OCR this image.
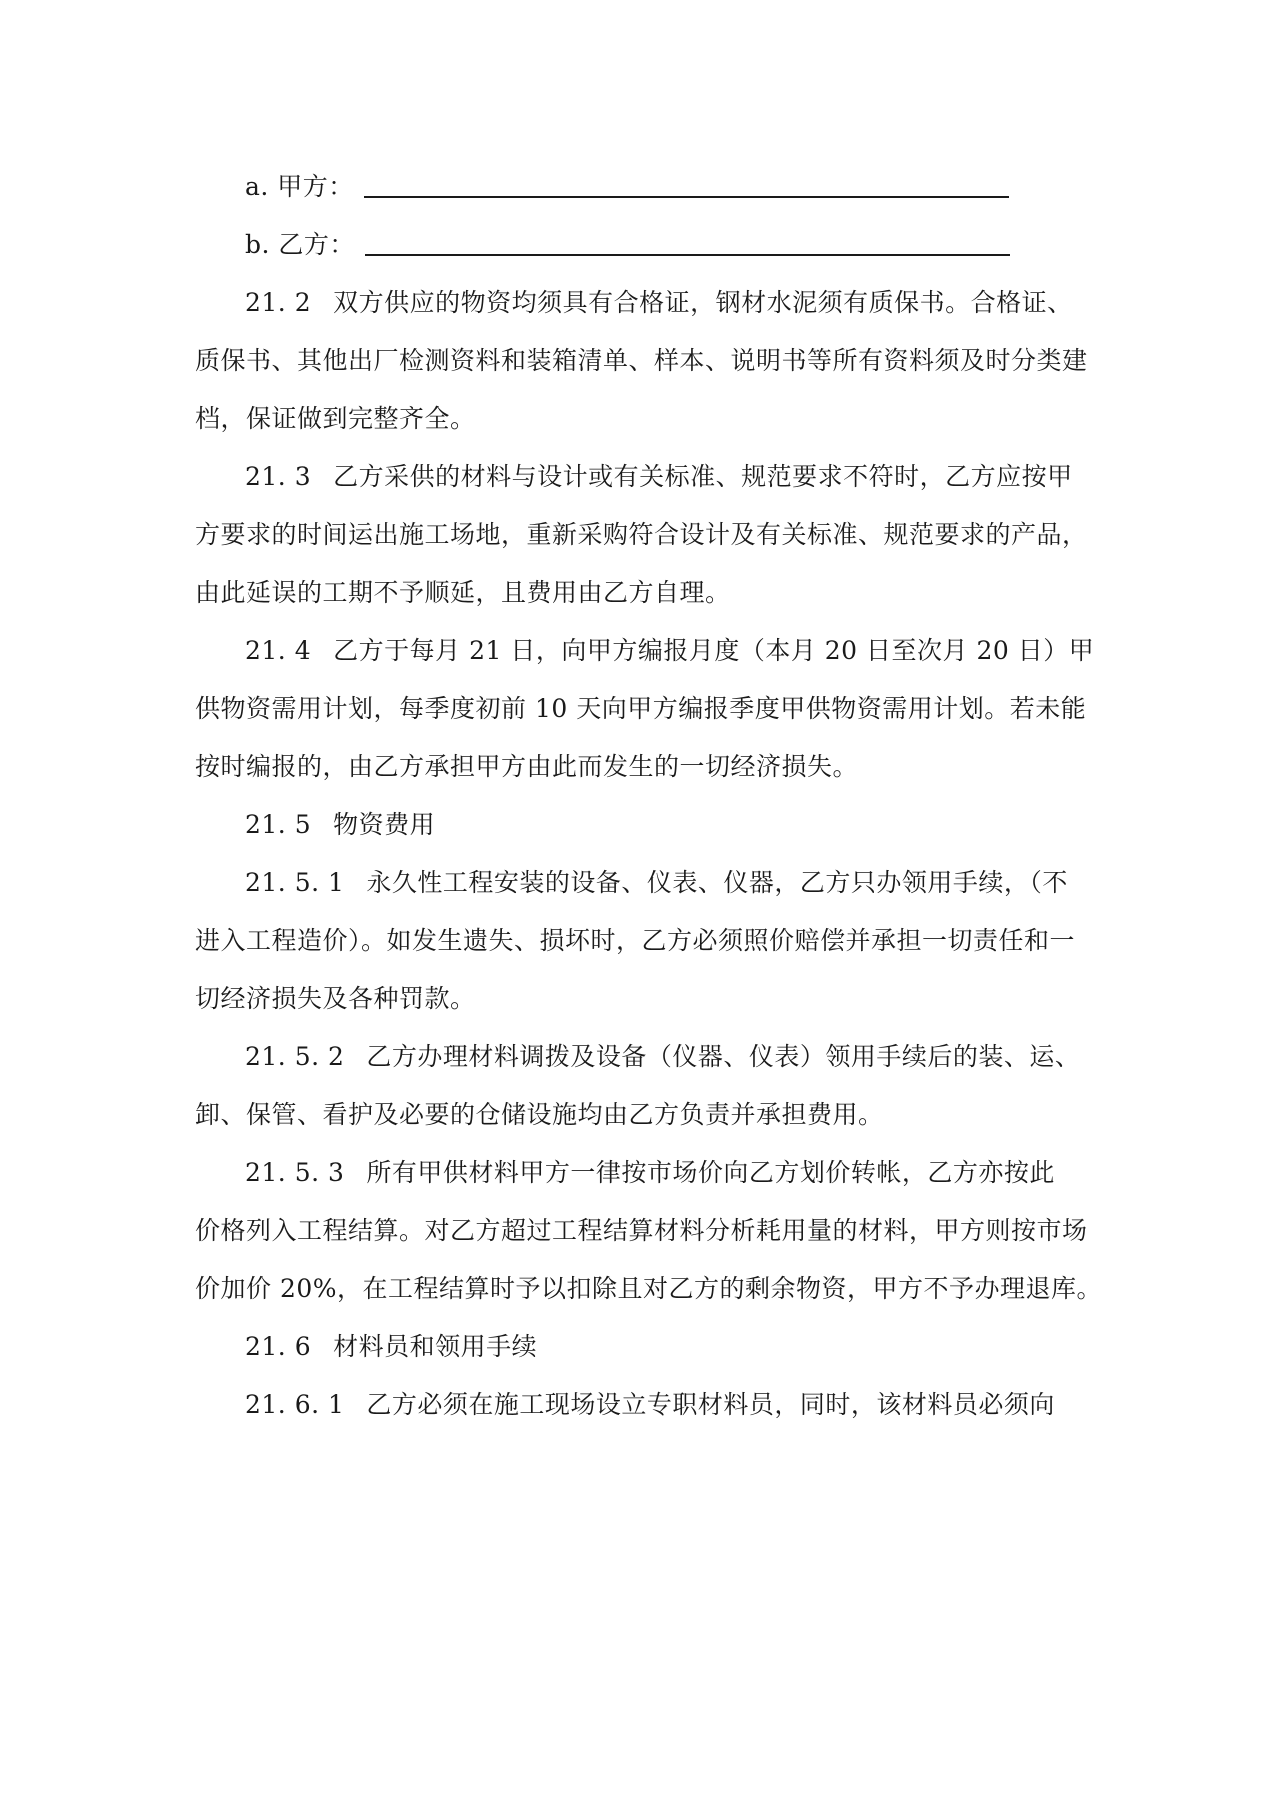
a. 甲方：
b. 乙方：
21. 2 双方供应的物资均须具有合格证，钢材水泥须有质保书。合格证、
质保书、其他出厂检测资料和装箱清单、样本、说明书等所有资料须及时分类建
档，保证做到完整齐全。
21. 3 乙方采供的材料与设计或有关标准、规范要求不符时，乙方应按甲
方要求的时间运出施工场地，重新采购符合设计及有关标准、规范要求的产品，
由此延误的工期不予顺延，且费用由乙方自理。
21. 4 乙方于每月 21 日，向甲方编报月度（本月 20 日至次月 20 日）甲
供物资需用计划，每季度初前 10 天向甲方编报季度甲供物资需用计划。若未能
按时编报的，由乙方承担甲方由此而发生的一切经济损失。
21. 5 物资费用
21. 5. 1 永久性工程安装的设备、仪表、仪器，乙方只办领用手续，（不
进入工程造价）。如发生遗失、损坏时，乙方必须照价赔偿并承担一切责任和一
切经济损失及各种罚款。
21. 5. 2 乙方办理材料调拨及设备（仪器、仪表）领用手续后的装、运、
卸、保管、看护及必要的仓储设施均由乙方负责并承担费用。
21. 5. 3 所有甲供材料甲方一律按市场价向乙方划价转帐，乙方亦按此
价格列入工程结算。对乙方超过工程结算材料分析耗用量的材料，甲方则按市场
价加价 20%，在工程结算时予以扣除且对乙方的剩余物资，甲方不予办理退库。
21. 6 材料员和领用手续
21. 6. 1 乙方必须在施工现场设立专职材料员，同时，该材料员必须向
